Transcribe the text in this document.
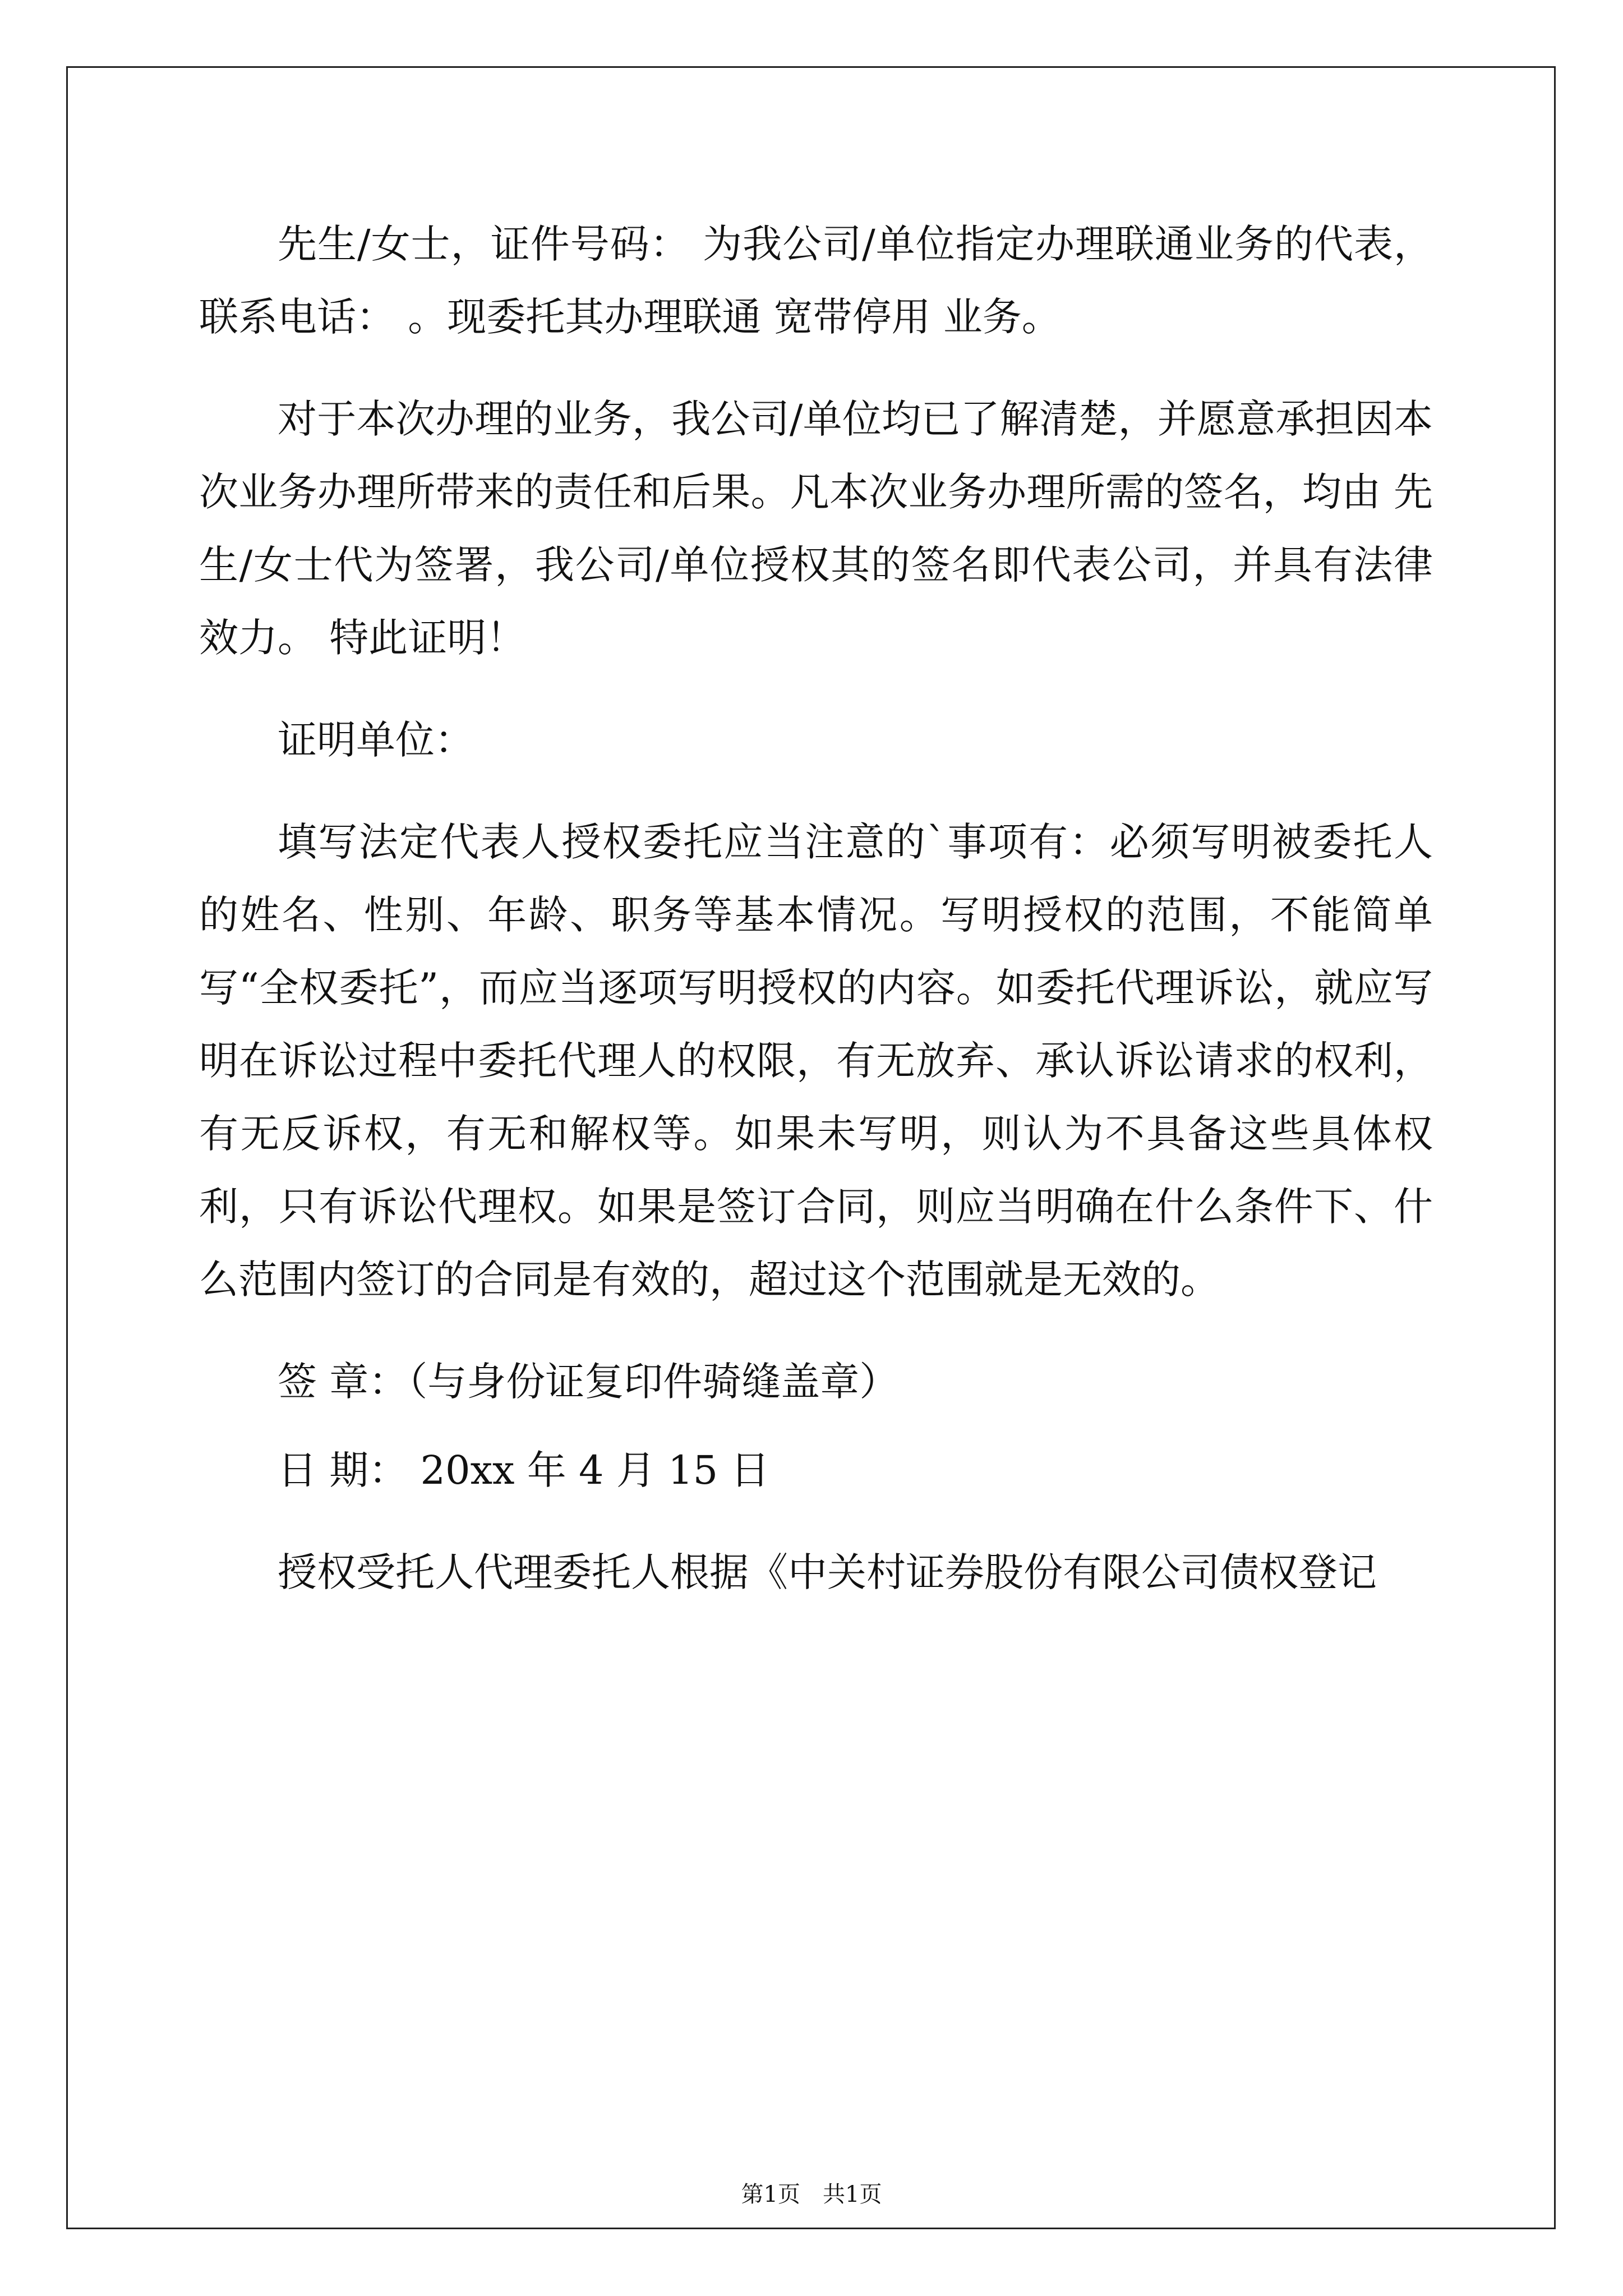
先生/女士，证件号码： 为我公司/单位指定办理联通业务的代表，联系电话： 。现委托其办理联通 宽带停用 业务。

对于本次办理的业务，我公司/单位均已了解清楚，并愿意承担因本次业务办理所带来的责任和后果。凡本次业务办理所需的签名，均由 先生/女士代为签署，我公司/单位授权其的签名即代表公司，并具有法律效力。 特此证明！

证明单位：

填写法定代表人授权委托应当注意的`事项有：必须写明被委托人的姓名、性别、年龄、职务等基本情况。写明授权的范围，不能简单写“全权委托”，而应当逐项写明授权的内容。如委托代理诉讼，就应写明在诉讼过程中委托代理人的权限，有无放弃、承认诉讼请求的权利，有无反诉权，有无和解权等。如果未写明，则认为不具备这些具体权利，只有诉讼代理权。如果是签订合同，则应当明确在什么条件下、什么范围内签订的合同是有效的，超过这个范围就是无效的。

签 章：（与身份证复印件骑缝盖章）

日 期： 20xx 年 4 月 15 日

授权受托人代理委托人根据《中关村证券股份有限公司债权登记

第1页 共1页
